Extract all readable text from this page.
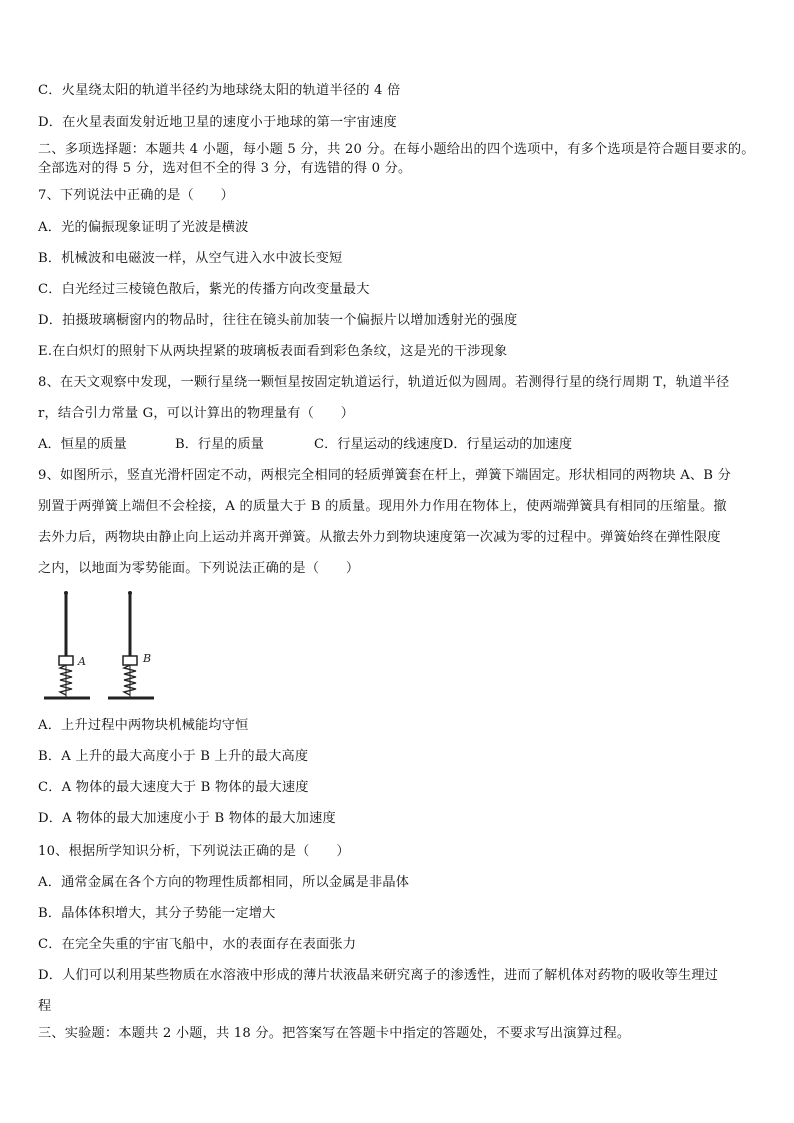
C．火星绕太阳的轨道半径约为地球绕太阳的轨道半径的 4 倍
D．在火星表面发射近地卫星的速度小于地球的第一宇宙速度
二、多项选择题：本题共 4 小题，每小题 5 分，共 20 分。在每小题给出的四个选项中，有多个选项是符合题目要求的。
全部选对的得 5 分，选对但不全的得 3 分，有选错的得 0 分。
7、下列说法中正确的是（　　）
A．光的偏振现象证明了光波是横波
B．机械波和电磁波一样，从空气进入水中波长变短
C．白光经过三棱镜色散后，紫光的传播方向改变量最大
D．拍摄玻璃橱窗内的物品时，往往在镜头前加装一个偏振片以增加透射光的强度
E.在白炽灯的照射下从两块捏紧的玻璃板表面看到彩色条纹，这是光的干涉现象
8、在天文观察中发现，一颗行星绕一颗恒星按固定轨道运行，轨道近似为圆周。若测得行星的绕行周期 T，轨道半径
r，结合引力常量 G，可以计算出的物理量有（　　）
A．恒星的质量	B．行星的质量	C．行星运动的线速度D．行星运动的加速度
9、如图所示，竖直光滑杆固定不动，两根完全相同的轻质弹簧套在杆上，弹簧下端固定。形状相同的两物块 A、B 分
别置于两弹簧上端但不会栓接，A 的质量大于 B 的质量。现用外力作用在物体上，使两端弹簧具有相同的压缩量。撤
去外力后，两物块由静止向上运动并离开弹簧。从撤去外力到物块速度第一次减为零的过程中。弹簧始终在弹性限度
之内，以地面为零势能面。下列说法正确的是（　　）
A	B
A．上升过程中两物块机械能均守恒
B．A 上升的最大高度小于 B 上升的最大高度
C．A 物体的最大速度大于 B 物体的最大速度
D．A 物体的最大加速度小于 B 物体的最大加速度
10、根据所学知识分析，下列说法正确的是（　　）
A．通常金属在各个方向的物理性质都相同，所以金属是非晶体
B．晶体体积增大，其分子势能一定增大
C．在完全失重的宇宙飞船中，水的表面存在表面张力
D．人们可以利用某些物质在水溶液中形成的薄片状液晶来研究离子的渗透性，进而了解机体对药物的吸收等生理过
程
三、实验题：本题共 2 小题，共 18 分。把答案写在答题卡中指定的答题处，不要求写出演算过程。
